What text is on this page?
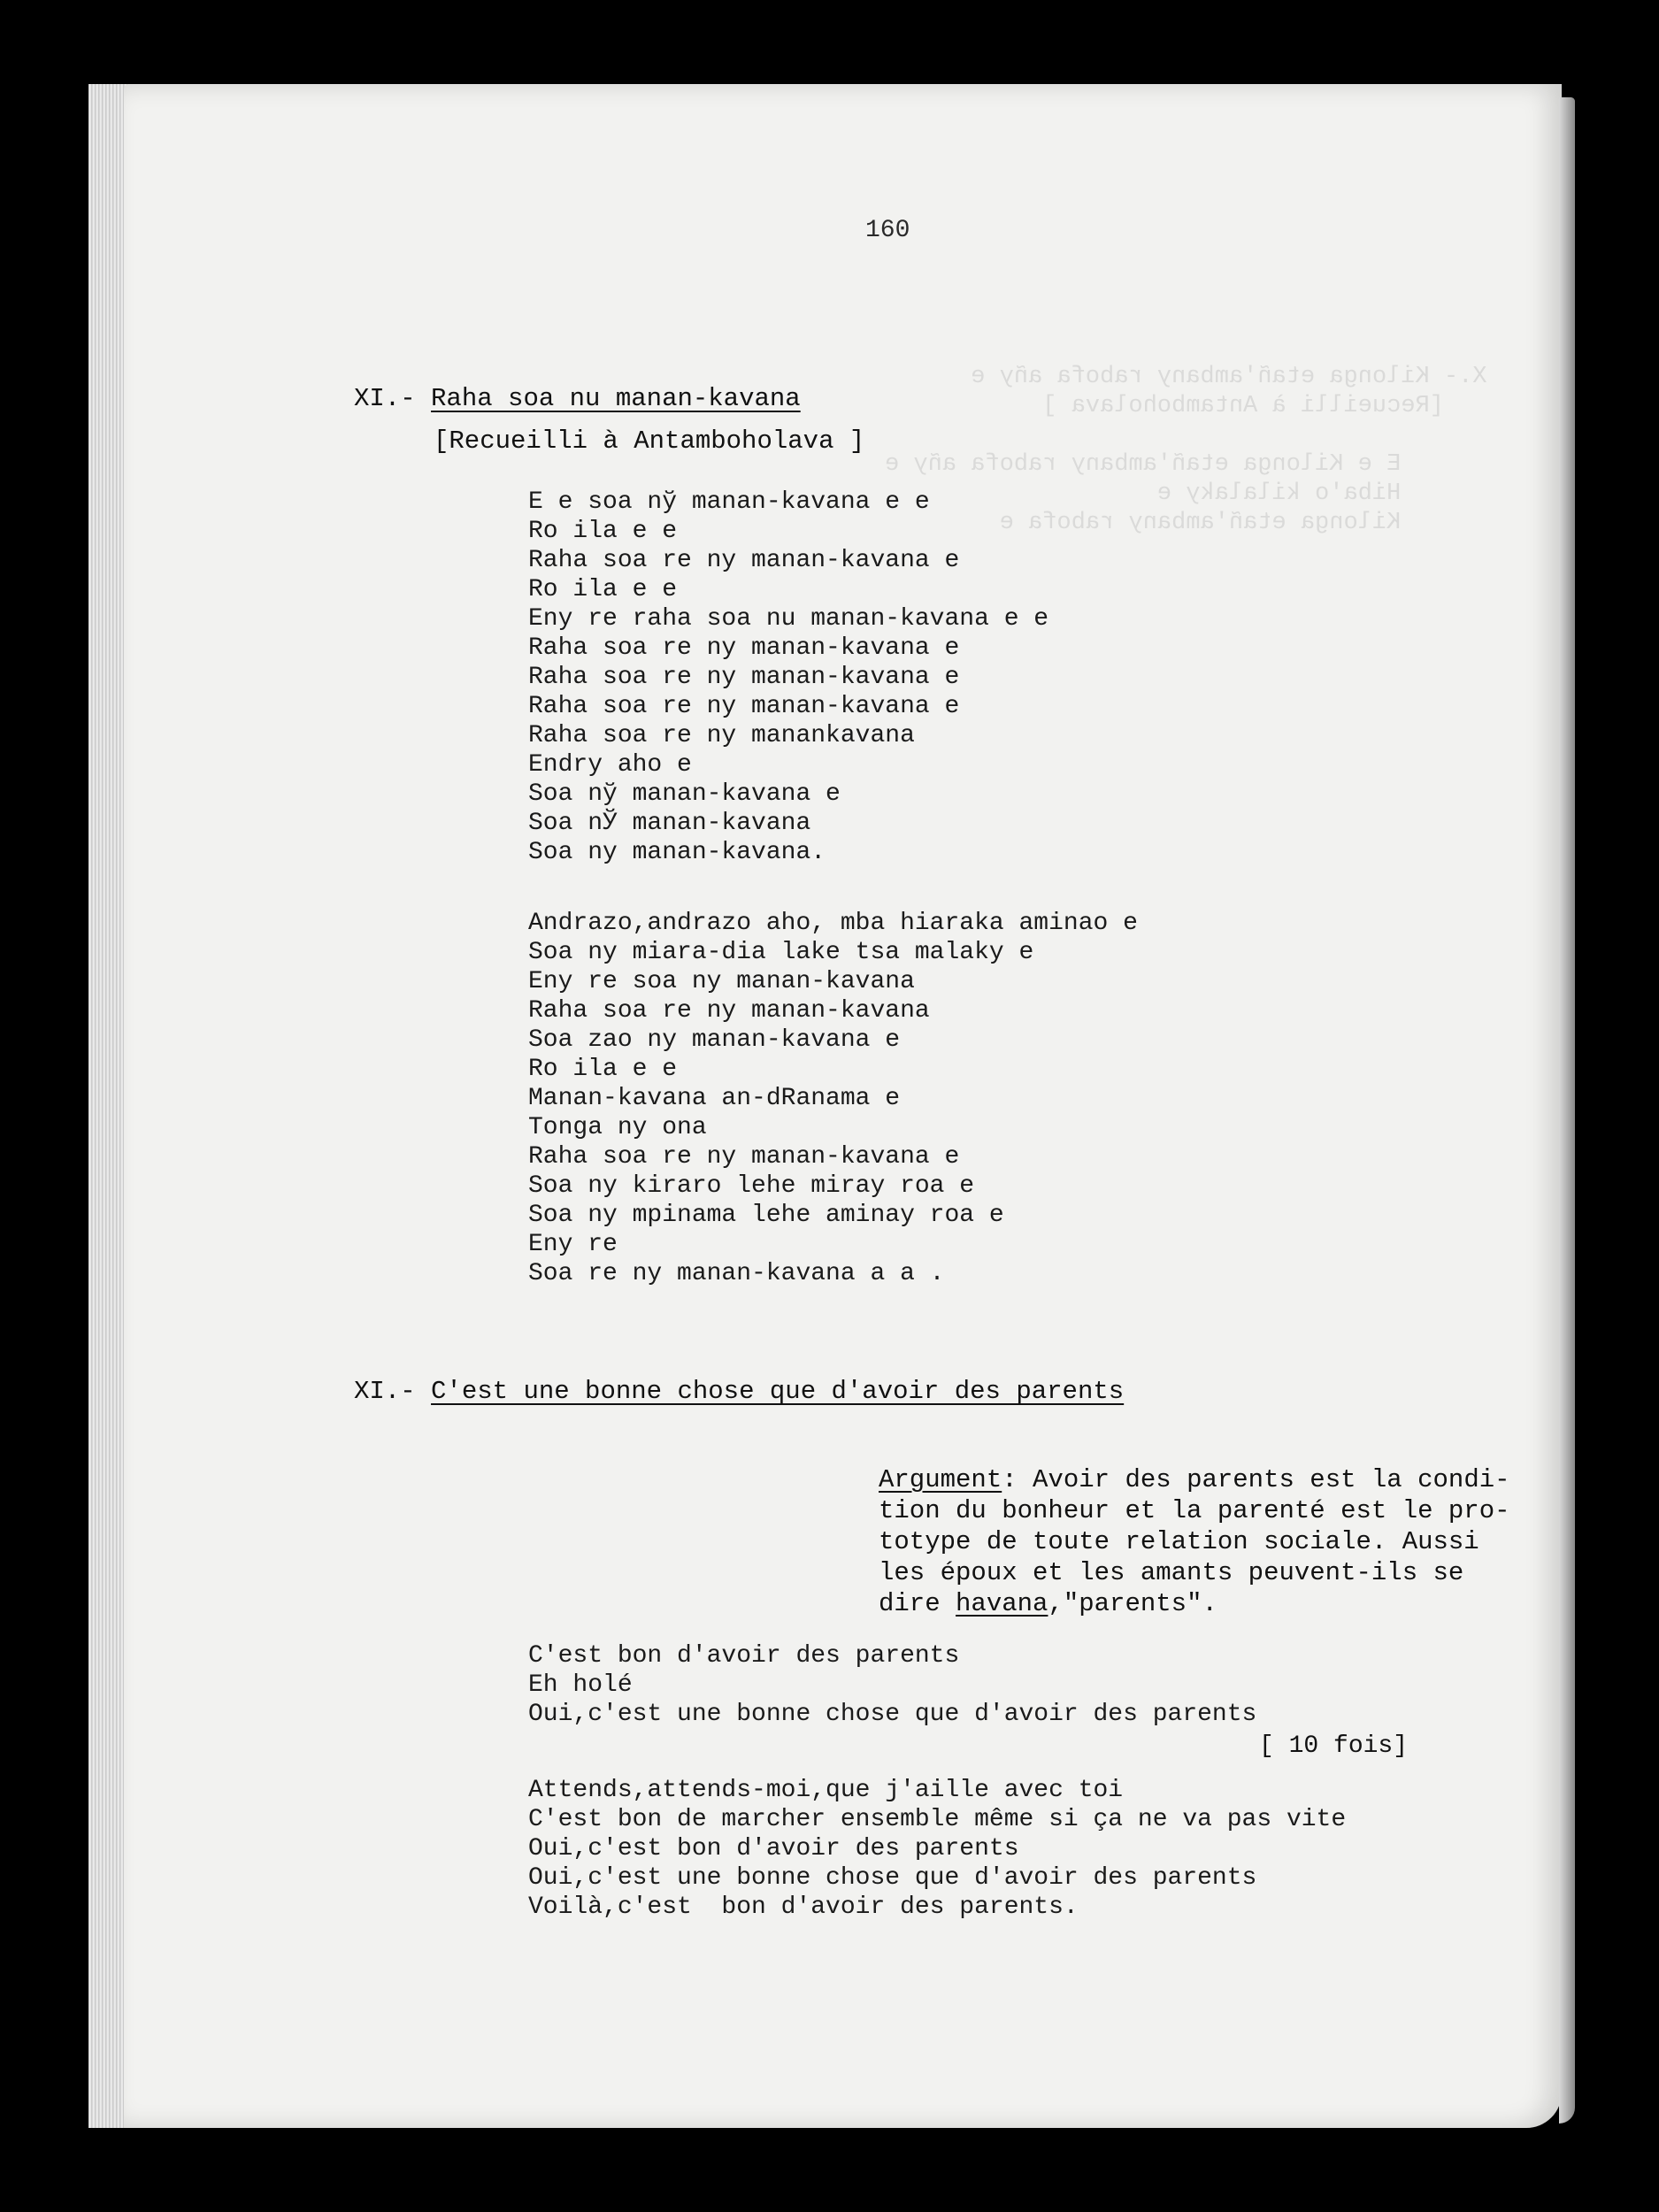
X.- Kilonga etañ'ambany rabofa añy e
[Recueilli à Antamboholava ]

E e Kilonga etañ'ambany rabofa añy e
Hiba'o kilalaky e
Kilonga etañ'ambany rabofa e
160
XI.- Raha soa nu manan-kavana
[Recueilli à Antamboholava ]
E e soa nў manan-kavana e e
Ro ila e e
Raha soa re ny manan-kavana e
Ro ila e e
Eny re raha soa nu manan-kavana e e
Raha soa re ny manan-kavana e
Raha soa re ny manan-kavana e
Raha soa re ny manan-kavana e
Raha soa re ny manankavana
Endry aho e
Soa nў manan-kavana e
Soa nЎ manan-kavana
Soa ny manan-kavana.
Andrazo,andrazo aho, mba hiaraka aminao e
Soa ny miara-dia lake tsa malaky e
Eny re soa ny manan-kavana
Raha soa re ny manan-kavana
Soa zao ny manan-kavana e
Ro ila e e
Manan-kavana an-dRanama e
Tonga ny ona
Raha soa re ny manan-kavana e
Soa ny kiraro lehe miray roa e
Soa ny mpinama lehe aminay roa e
Eny re
Soa re ny manan-kavana a a .
XI.- C'est une bonne chose que d'avoir des parents
Argument: Avoir des parents est la condi-
tion du bonheur et la parenté est le pro-
totype de toute relation sociale. Aussi
les époux et les amants peuvent-ils se
dire havana,"parents".
C'est bon d'avoir des parents
Eh holé
Oui,c'est une bonne chose que d'avoir des parents
[ 10 fois]
Attends,attends-moi,que j'aille avec toi
C'est bon de marcher ensemble même si ça ne va pas vite
Oui,c'est bon d'avoir des parents
Oui,c'est une bonne chose que d'avoir des parents
Voilà,c'est  bon d'avoir des parents.
